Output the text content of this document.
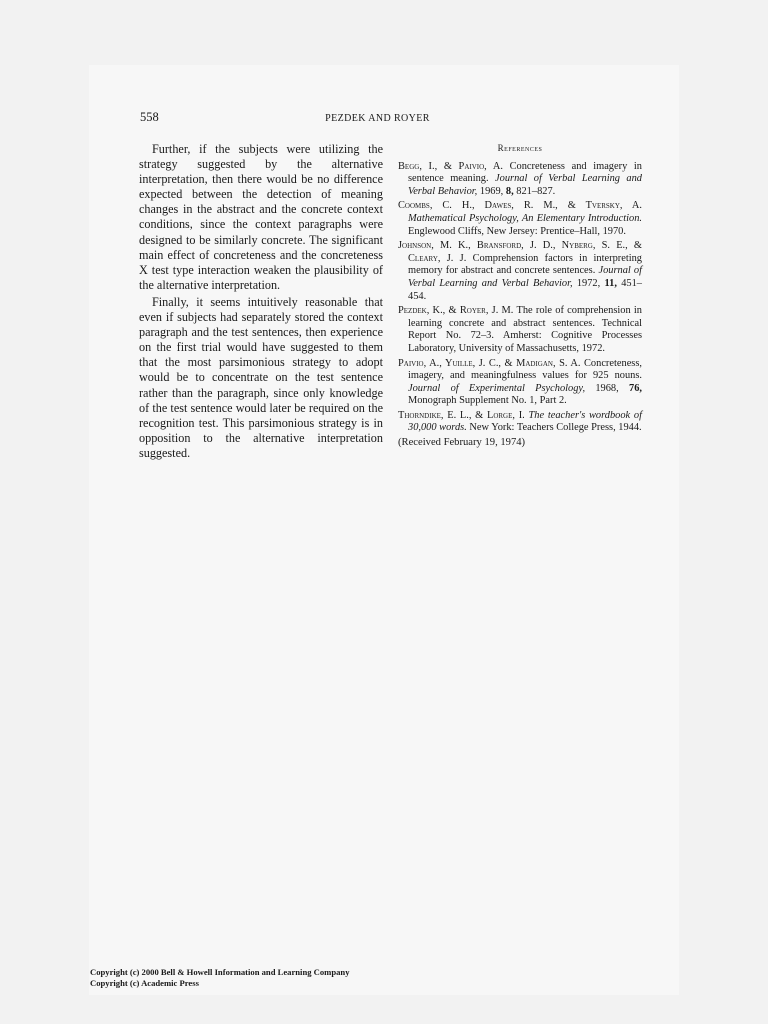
558	PEZDEK AND ROYER

Further, if the subjects were utilizing the strategy suggested by the alternative interpretation, then there would be no difference expected between the detection of meaning changes in the abstract and the concrete context conditions, since the context paragraphs were designed to be similarly concrete. The significant main effect of concreteness and the concreteness X test type interaction weaken the plausibility of the alternative interpretation.

Finally, it seems intuitively reasonable that even if subjects had separately stored the context paragraph and the test sentences, then experience on the first trial would have suggested to them that the most parsimonious strategy to adopt would be to concentrate on the test sentence rather than the paragraph, since only knowledge of the test sentence would later be required on the recognition test. This parsimonious strategy is in opposition to the alternative interpretation suggested.

References

Begg, I., & Paivio, A. Concreteness and imagery in sentence meaning. Journal of Verbal Learning and Verbal Behavior, 1969, 8, 821–827.

Coombs, C. H., Dawes, R. M., & Tversky, A. Mathematical Psychology, An Elementary Introduction. Englewood Cliffs, New Jersey: Prentice–Hall, 1970.

Johnson, M. K., Bransford, J. D., Nyberg, S. E., & Cleary, J. J. Comprehension factors in interpreting memory for abstract and concrete sentences. Journal of Verbal Learning and Verbal Behavior, 1972, 11, 451–454.

Pezdek, K., & Royer, J. M. The role of comprehension in learning concrete and abstract sentences. Technical Report No. 72–3. Amherst: Cognitive Processes Laboratory, University of Massachusetts, 1972.

Paivio, A., Yuille, J. C., & Madigan, S. A. Concreteness, imagery, and meaningfulness values for 925 nouns. Journal of Experimental Psychology, 1968, 76, Monograph Supplement No. 1, Part 2.

Thorndike, E. L., & Lorge, I. The teacher's wordbook of 30,000 words. New York: Teachers College Press, 1944.

(Received February 19, 1974)
Copyright (c) 2000 Bell & Howell Information and Learning Company
Copyright (c) Academic Press
